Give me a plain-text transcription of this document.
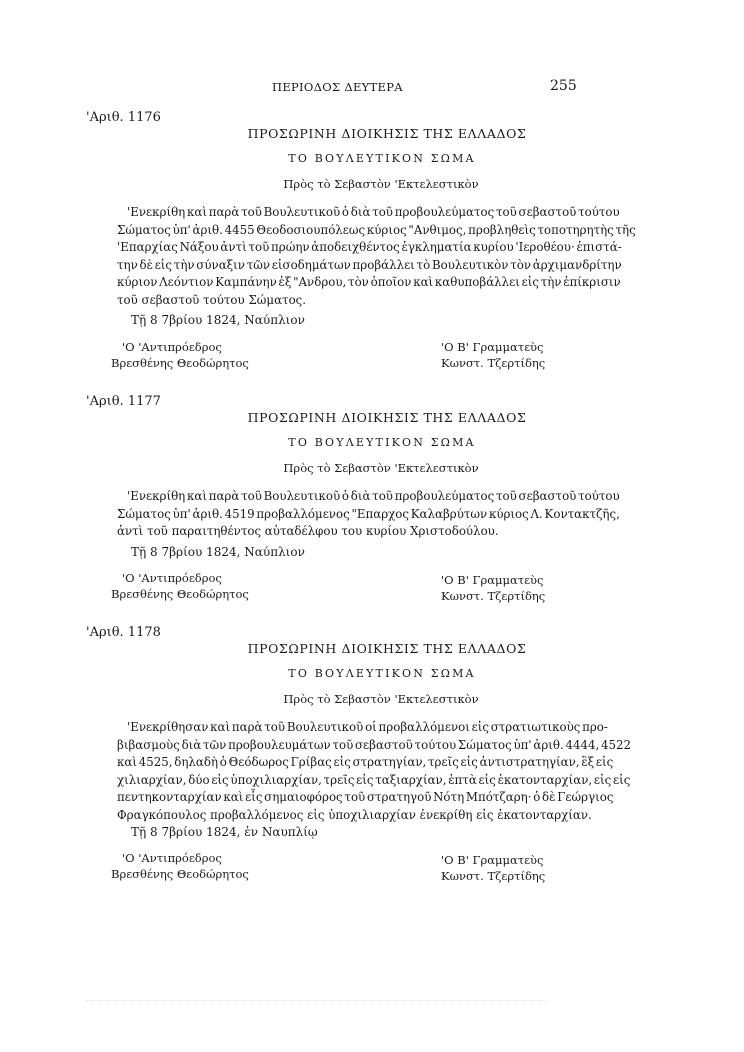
ΠΕΡΙΟΔΟΣ ΔΕΥΤΕΡΑ	255
'Αριθ. 1176
ΠΡΟΣΩΡΙΝΗ ΔΙΟΙΚΗΣΙΣ ΤΗΣ ΕΛΛΑΔΟΣ
ΤΟ ΒΟΥΛΕΥΤΙΚΟΝ ΣΩΜΑ
Πρὸς τὸ Σεβαστὸν 'Εκτελεστικὸν
'Ενεκρίθη καὶ παρὰ τοῦ Βουλευτικοῦ ὁ διὰ τοῦ προβουλεύματος τοῦ σεβαστοῦ τούτου
Σώματος ὑπ' ἀριθ. 4455 Θεοδοσιουπόλεως κύριος "Ανθιμος, προβληθεὶς τοποτηρητὴς τῆς
'Επαρχίας Νάξου ἀντὶ τοῦ πρώην ἀποδειχθέντος ἐγκληματία κυρίου 'Ιεροθέου· ἐπιστά-
την δὲ εἰς τὴν σύναξιν τῶν εἰσοδημάτων προβάλλει τὸ Βουλευτικὸν τὸν ἀρχιμανδρίτην
κύριον Λεόντιον Καμπάνην ἐξ "Ανδρου, τὸν ὁποῖον καὶ καθυποβάλλει εἰς τὴν ἐπίκρισιν
τοῦ σεβαστοῦ τούτου Σώματος.
Τῇ 8 7βρίου 1824, Ναύπλιον
'Ο 'Αντιπρόεδρος
Βρεσθένης Θεοδώρητος
'Ο Β' Γραμματεὺς
Κωνστ. Τζερτίδης
'Αριθ. 1177
ΠΡΟΣΩΡΙΝΗ ΔΙΟΙΚΗΣΙΣ ΤΗΣ ΕΛΛΑΔΟΣ
ΤΟ ΒΟΥΛΕΥΤΙΚΟΝ ΣΩΜΑ
Πρὸς τὸ Σεβαστὸν 'Εκτελεστικὸν
'Ενεκρίθη καὶ παρὰ τοῦ Βουλευτικοῦ ὁ διὰ τοῦ προβουλεύματος τοῦ σεβαστοῦ τούτου
Σώματος ὑπ' ἀριθ. 4519 προβαλλόμενος "Επαρχος Καλαβρύτων κύριος Λ. Κοντακτζῆς,
ἀντὶ τοῦ παραιτηθέντος αὐταδέλφου του κυρίου Χριστοδούλου.
Τῇ 8 7βρίου 1824, Ναύπλιον
'Ο 'Αντιπρόεδρος
Βρεσθένης Θεοδώρητος
'Ο Β' Γραμματεὺς
Κωνστ. Τζερτίδης
'Αριθ. 1178
ΠΡΟΣΩΡΙΝΗ ΔΙΟΙΚΗΣΙΣ ΤΗΣ ΕΛΛΑΔΟΣ
ΤΟ ΒΟΥΛΕΥΤΙΚΟΝ ΣΩΜΑ
Πρὸς τὸ Σεβαστὸν 'Εκτελεστικὸν
'Ενεκρίθησαν καὶ παρὰ τοῦ Βουλευτικοῦ οἱ προβαλλόμενοι εἰς στρατιωτικοὺς προ-
βιβασμοὺς διὰ τῶν προβουλευμάτων τοῦ σεβαστοῦ τούτου Σώματος ὑπ' ἀριθ. 4444, 4522
καὶ 4525, δηλαδὴ ὁ Θεόδωρος Γρίβας εἰς στρατηγίαν, τρεῖς εἰς ἀντιστρατηγίαν, ἓξ εἰς
χιλιαρχίαν, δύο εἰς ὑποχιλιαρχίαν, τρεῖς εἰς ταξιαρχίαν, ἑπτὰ εἰς ἑκατονταρχίαν, εἰς εἰς
πεντηκονταρχίαν καὶ εἷς σημαιοφόρος τοῦ στρατηγοῦ Νότη Μπότζαρη· ὁ δὲ Γεώργιος
Φραγκόπουλος προβαλλόμενος εἰς ὑποχιλιαρχίαν ἐνεκρίθη εἰς ἑκατονταρχίαν.
Τῇ 8 7βρίου 1824, ἐν Ναυπλίῳ
'Ο 'Αντιπρόεδρος
Βρεσθένης Θεοδώρητος
'Ο Β' Γραμματεὺς
Κωνστ. Τζερτίδης
